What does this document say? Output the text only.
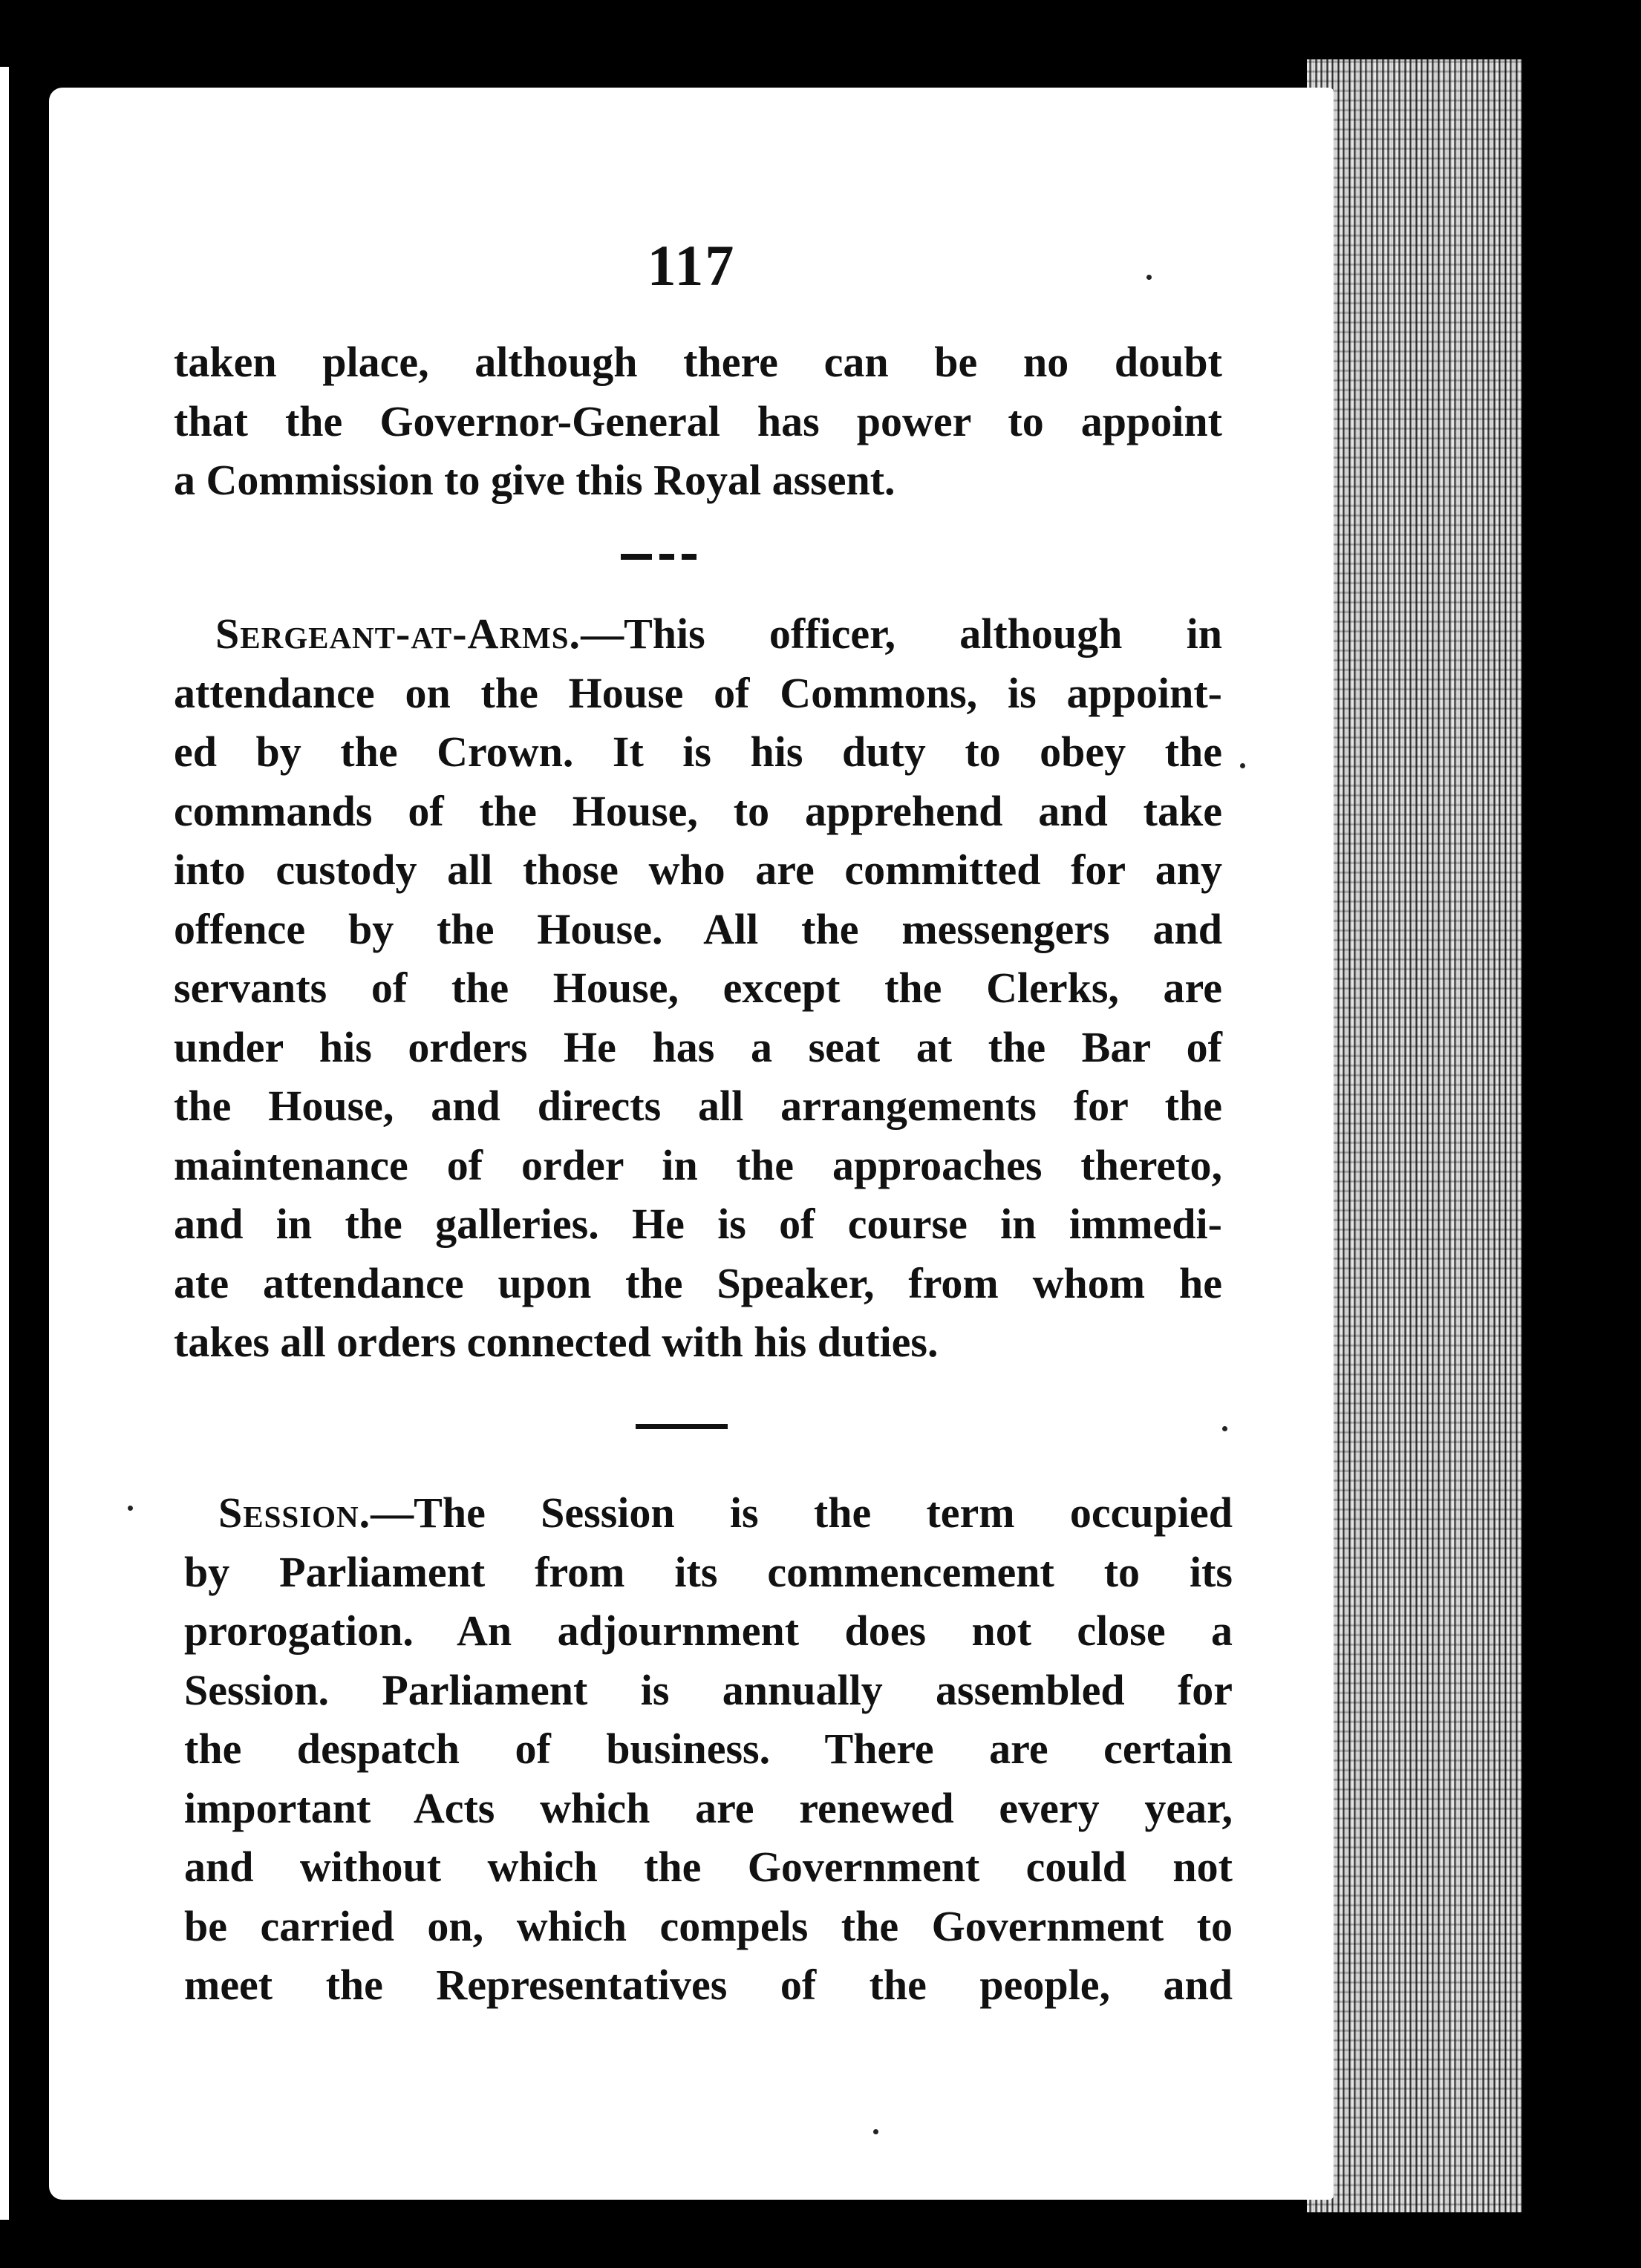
117
taken place, although there can be no doubt
that the Governor-General has power to appoint
a Commission to give this Royal assent.
Sergeant-at-Arms.—This officer, although in
attendance on the House of Commons, is appoint-
ed by the Crown. It is his duty to obey the
commands of the House, to apprehend and take
into custody all those who are committed for any
offence by the House. All the messengers and
servants of the House, except the Clerks, are
under his orders He has a seat at the Bar of
the House, and directs all arrangements for the
maintenance of order in the approaches thereto,
and in the galleries. He is of course in immedi-
ate attendance upon the Speaker, from whom he
takes all orders connected with his duties.
Session.—The Session is the term occupied
by Parliament from its commencement to its
prorogation. An adjournment does not close a
Session. Parliament is annually assembled for
the despatch of business. There are certain
important Acts which are renewed every year,
and without which the Government could not
be carried on, which compels the Government to
meet the Representatives of the people, and
